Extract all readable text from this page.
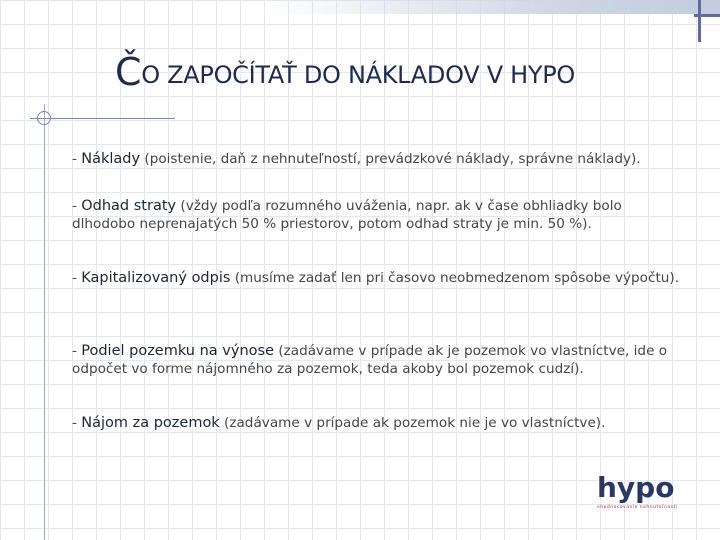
ČO ZAPOČÍTAŤ DO NÁKLADOV V HYPO

- Náklady (poistenie, daň z nehnuteľností, prevádzkové náklady, správne náklady).

- Odhad straty (vždy podľa rozumného uváženia, napr. ak v čase obhliadky bolo dlhodobo neprenajatých 50 % priestorov, potom odhad straty je min. 50 %).

- Kapitalizovaný odpis (musíme zadať len pri časovo neobmedzenom spôsobe výpočtu).

- Podiel pozemku na výnose (zadávame v prípade ak je pozemok vo vlastníctve, ide o odpočet vo forme nájomného za pozemok, teda akoby bol pozemok cudzí).

- Nájom za pozemok (zadávame v prípade ak pozemok nie je vo vlastníctve).

hypo
ohodnocovanie nehnuteľností
